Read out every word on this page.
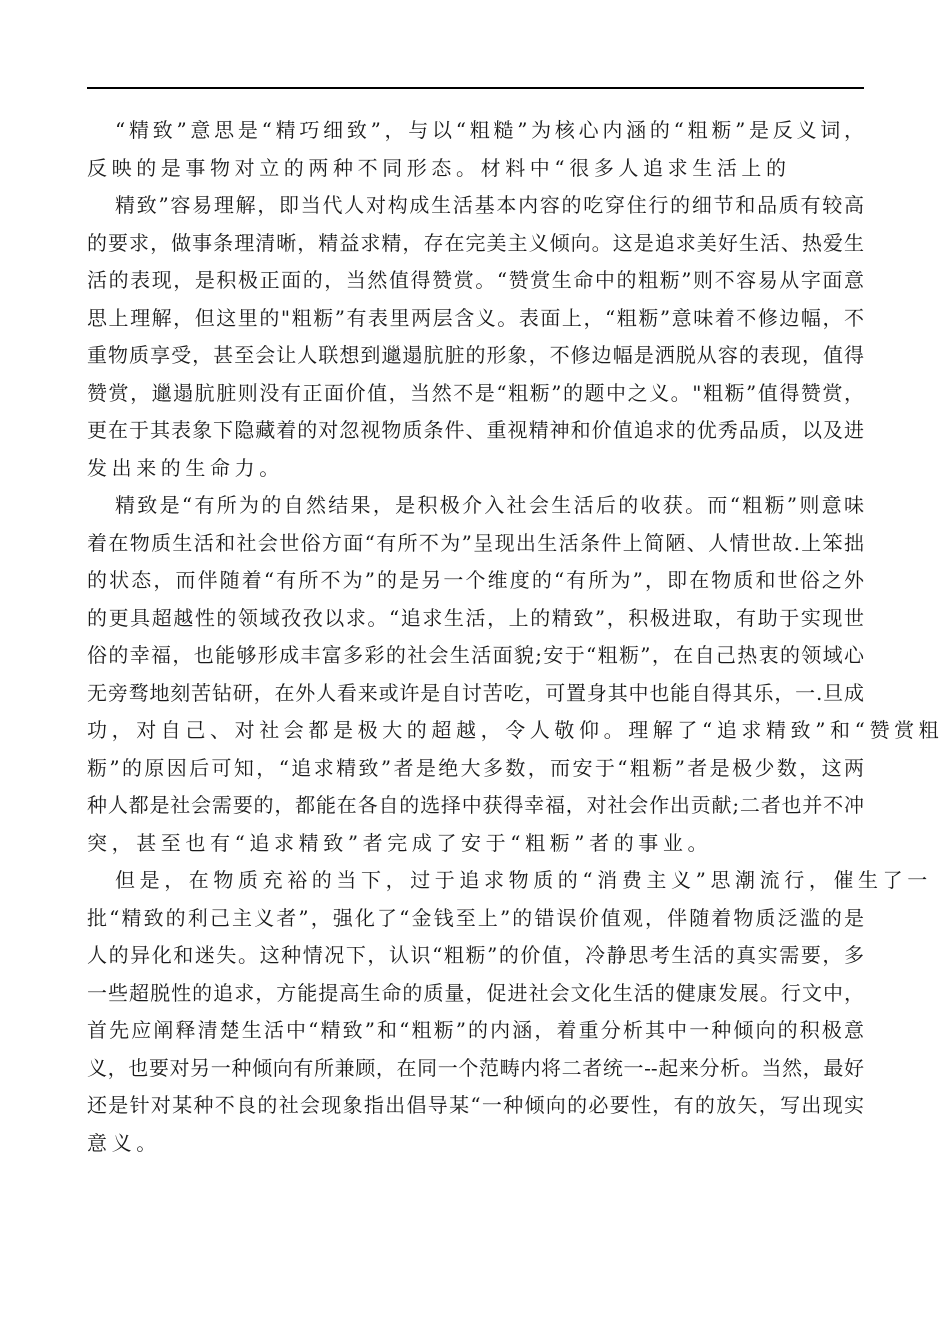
“精致”意思是“精巧细致”，与以“粗糙”为核心内涵的“粗粝”是反义词，
反映的是事物对立的两种不同形态。材料中“很多人追求生活上的
精致”容易理解，即当代人对构成生活基本内容的吃穿住行的细节和品质有较高
的要求，做事条理清晰，精益求精，存在完美主义倾向。这是追求美好生活、热爱生
活的表现，是积极正面的，当然值得赞赏。“赞赏生命中的粗粝”则不容易从字面意
思上理解，但这里的"粗粝”有表里两层含义。表面上，“粗粝”意味着不修边幅，不
重物质享受，甚至会让人联想到邋遢肮脏的形象，不修边幅是洒脱从容的表现，值得
赞赏，邋遢肮脏则没有正面价值，当然不是“粗粝”的题中之义。"粗粝”值得赞赏，
更在于其表象下隐藏着的对忽视物质条件、重视精神和价值追求的优秀品质，以及进
发出来的生命力。
精致是“有所为的自然结果，是积极介入社会生活后的收获。而“粗粝”则意味
着在物质生活和社会世俗方面“有所不为”呈现出生活条件上简陋、人情世故.上笨拙
的状态，而伴随着“有所不为”的是另一个维度的“有所为”，即在物质和世俗之外
的更具超越性的领域孜孜以求。“追求生活，上的精致”，积极进取，有助于实现世
俗的幸福，也能够形成丰富多彩的社会生活面貌;安于“粗粝”，在自己热衷的领域心
无旁骛地刻苦钻研，在外人看来或许是自讨苦吃，可置身其中也能自得其乐，一.旦成
功，对自己、对社会都是极大的超越，令人敬仰。理解了“追求精致”和“赞赏粗
粝”的原因后可知，“追求精致”者是绝大多数，而安于“粗粝”者是极少数，这两
种人都是社会需要的，都能在各自的选择中获得幸福，对社会作出贡献;二者也并不冲
突，甚至也有“追求精致”者完成了安于“粗粝”者的事业。
但是，在物质充裕的当下，过于追求物质的“消费主义”思潮流行，催生了一
批“精致的利己主义者”，强化了“金钱至上”的错误价值观，伴随着物质泛滥的是
人的异化和迷失。这种情况下，认识“粗粝”的价值，冷静思考生活的真实需要，多
一些超脱性的追求，方能提高生命的质量，促进社会文化生活的健康发展。行文中，
首先应阐释清楚生活中“精致”和“粗粝”的内涵，着重分析其中一种倾向的积极意
义，也要对另一种倾向有所兼顾，在同一个范畴内将二者统一--起来分析。当然，最好
还是针对某种不良的社会现象指出倡导某“一种倾向的必要性，有的放矢，写出现实
意义。
